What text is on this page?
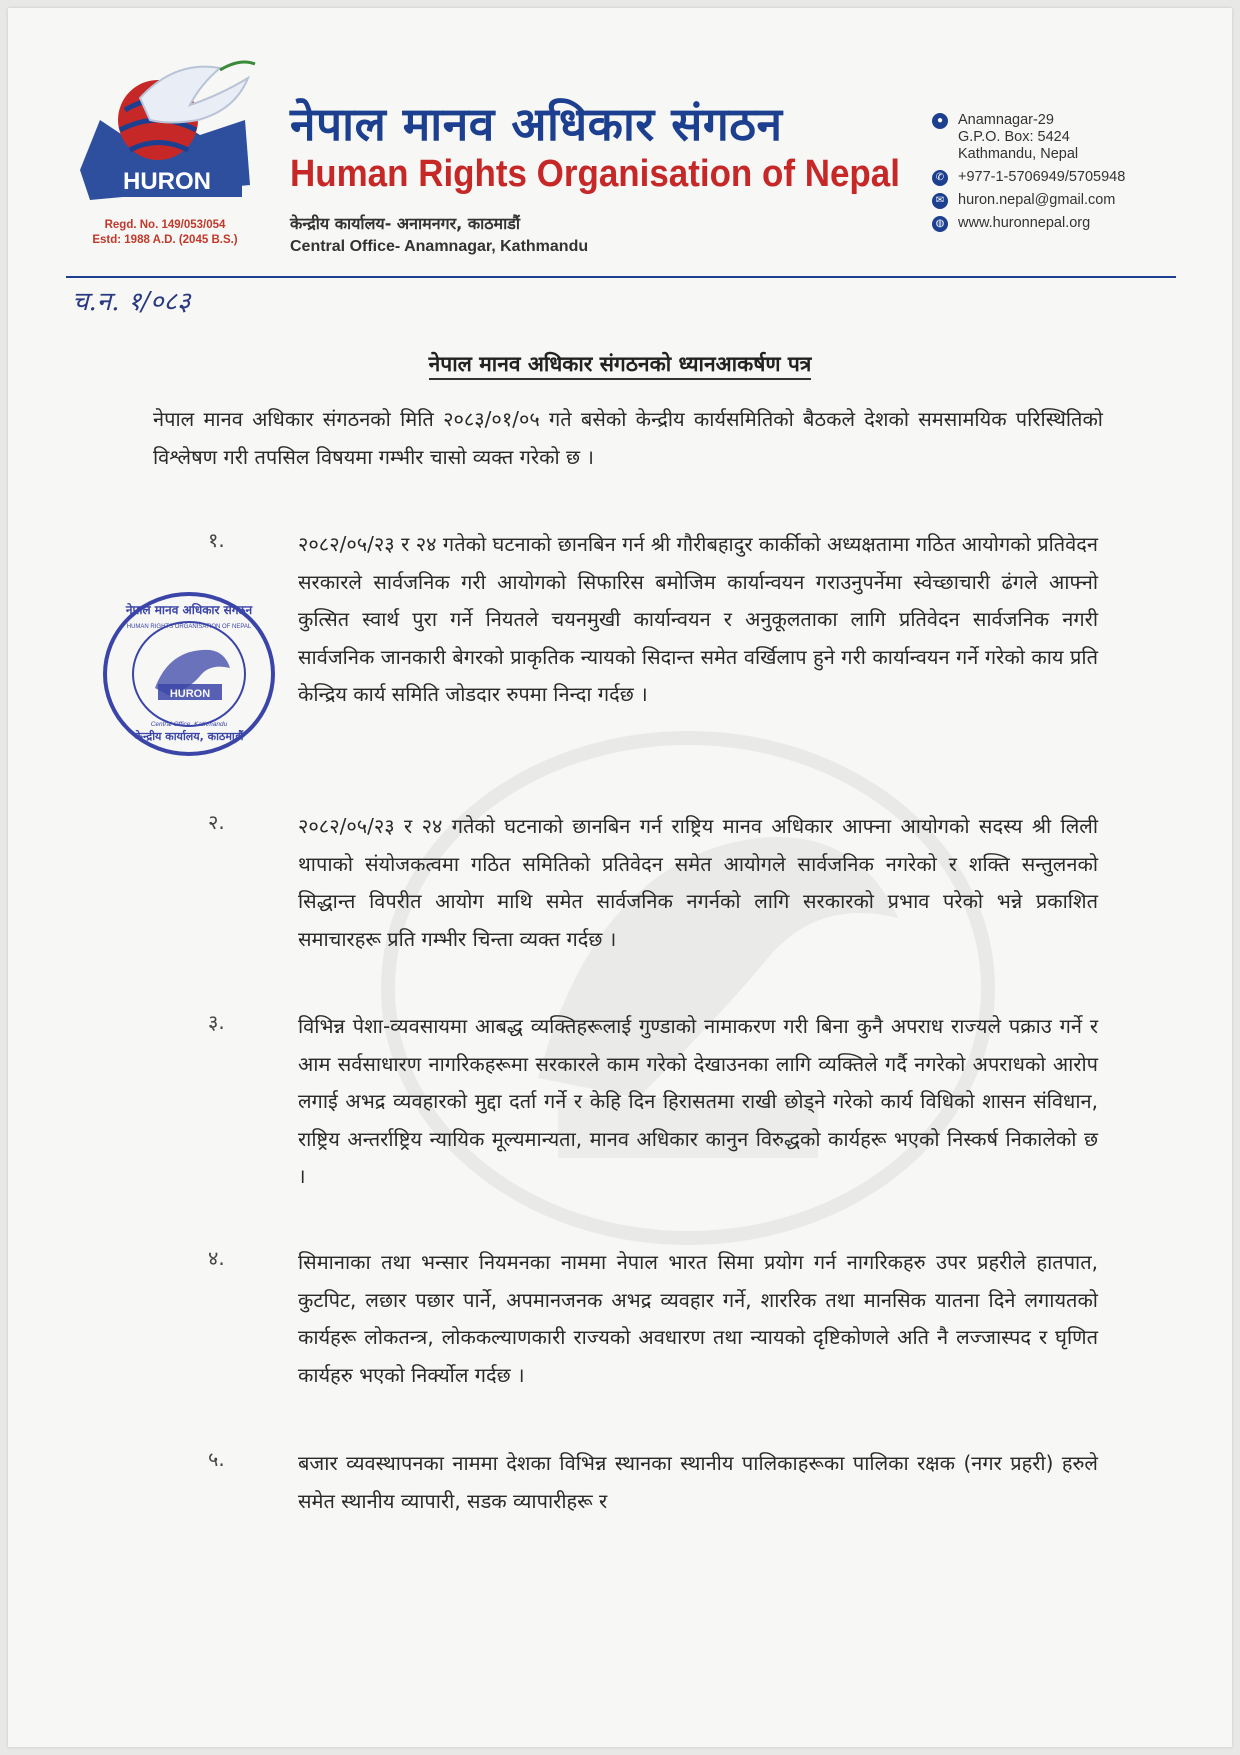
HURON
Regd. No. 149/053/054
Estd: 1988 A.D. (2045 B.S.)
नेपाल मानव अधिकार संगठन
Human Rights Organisation of Nepal
केन्द्रीय कार्यालय- अनामनगर, काठमाडौं
Central Office- Anamnagar, Kathmandu
●	Anamnagar-29
G.P.O. Box: 5424
Kathmandu, Nepal
✆ +977-1-5706949/5705948
✉ huron.nepal@gmail.com
◍ www.huronnepal.org
च.न. १/०८३
नेपाल मानव अधिकार संगठनको ध्यानआकर्षण पत्र
नेपाल मानव अधिकार संगठनको मिति २०८३/०१/०५ गते बसेको केन्द्रीय कार्यसमितिको बैठकले देशको समसामयिक परिस्थितिको विश्लेषण गरी तपसिल विषयमा गम्भीर चासो व्यक्त गरेको छ ।
१.	२०८२/०५/२३ र २४ गतेको घटनाको छानबिन गर्न श्री गौरीबहादुर कार्कीको अध्यक्षतामा गठित आयोगको प्रतिवेदन सरकारले सार्वजनिक गरी आयोगको सिफारिस बमोजिम कार्यान्वयन गराउनुपर्नेमा स्वेच्छाचारी ढंगले आफ्नो कुत्सित स्वार्थ पुरा गर्ने नियतले चयनमुखी कार्यान्वयन र अनुकूलताका लागि प्रतिवेदन सार्वजनिक नगरी सार्वजनिक जानकारी बेगरको प्राकृतिक न्यायको सिदान्त समेत वर्खिलाप हुने गरी कार्यान्वयन गर्ने गरेको काय प्रति केन्द्रिय कार्य समिति जोडदार रुपमा निन्दा गर्दछ ।
२.	२०८२/०५/२३ र २४ गतेको घटनाको छानबिन गर्न राष्ट्रिय मानव अधिकार आफ्ना आयोगको सदस्य श्री लिली थापाको संयोजकत्वमा गठित समितिको प्रतिवेदन समेत आयोगले सार्वजनिक नगरेको र शक्ति सन्तुलनको सिद्धान्त विपरीत आयोग माथि समेत सार्वजनिक नगर्नको लागि सरकारको प्रभाव परेको भन्ने प्रकाशित समाचारहरू प्रति गम्भीर चिन्ता व्यक्त गर्दछ ।
३.	विभिन्न पेशा-व्यवसायमा आबद्ध व्यक्तिहरूलाई गुण्डाको नामाकरण गरी बिना कुनै अपराध राज्यले पक्राउ गर्ने र आम सर्वसाधारण नागरिकहरूमा सरकारले काम गरेको देखाउनका लागि व्यक्तिले गर्दै नगरेको अपराधको आरोप लगाई अभद्र व्यवहारको मुद्दा दर्ता गर्ने र केहि दिन हिरासतमा राखी छोड्ने गरेको कार्य विधिको शासन संविधान, राष्ट्रिय अन्तर्राष्ट्रिय न्यायिक मूल्यमान्यता, मानव अधिकार कानुन विरुद्धको कार्यहरू भएको निस्कर्ष निकालेको छ ।
४.	सिमानाका तथा भन्सार नियमनका नाममा नेपाल भारत सिमा प्रयोग गर्न नागरिकहरु उपर प्रहरीले हातपात, कुटपिट, लछार पछार पार्ने, अपमानजनक अभद्र व्यवहार गर्ने, शाररिक तथा मानसिक यातना दिने लगायतको कार्यहरू लोकतन्त्र, लोककल्याणकारी राज्यको अवधारण तथा न्यायको दृष्टिकोणले अति नै लज्जास्पद र घृणित कार्यहरु भएको निर्क्योल गर्दछ ।
५.	बजार व्यवस्थापनका नाममा देशका विभिन्न स्थानका स्थानीय पालिकाहरूका पालिका रक्षक (नगर प्रहरी) हरुले समेत स्थानीय व्यापारी, सडक व्यापारीहरू र
HURON
नेपाल मानव अधिकार संगठन
HUMAN RIGHTS ORGANISATION OF NEPAL
Central Office, Kathmandu
केन्द्रीय कार्यालय, काठमाडौं
